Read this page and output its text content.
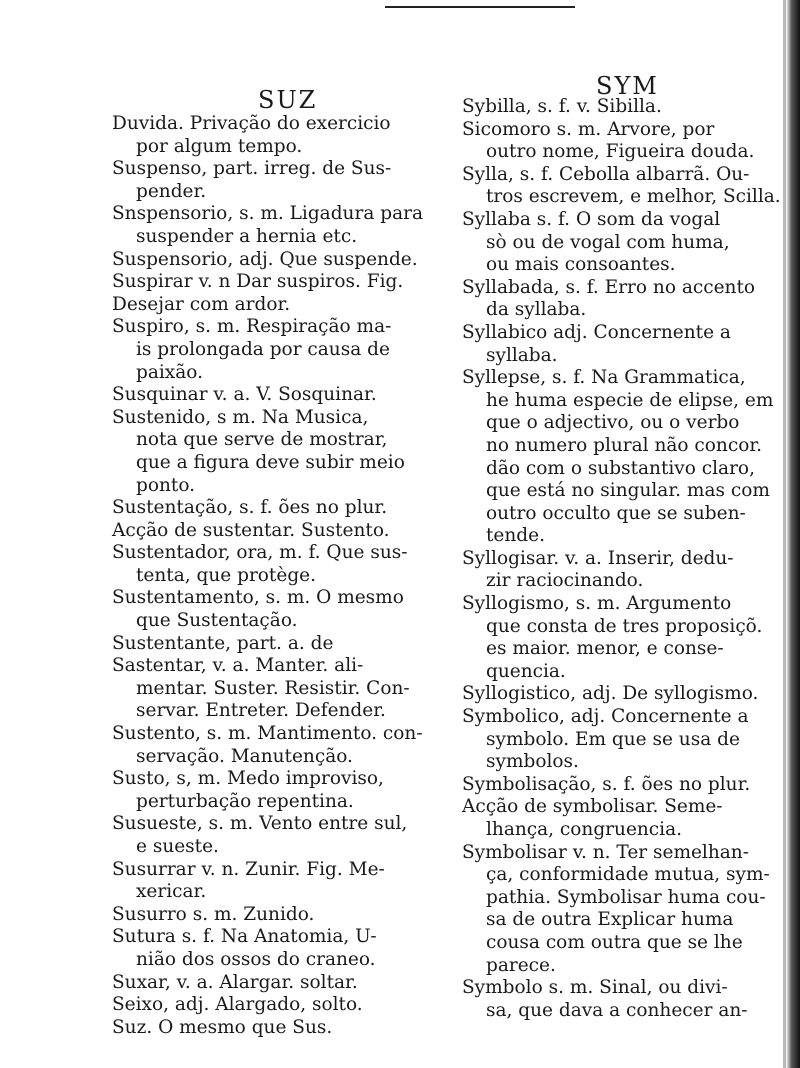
SUZ	SYM
Duvida. Privação do exercicio
por algum tempo.
Suspenso, part. irreg. de Sus-
pender.
Snspensorio, s. m. Ligadura para
suspender a hernia etc.
Suspensorio, adj. Que suspende.
Suspirar v. n Dar suspiros. Fig.
Desejar com ardor.
Suspiro, s. m. Respiração ma-
is prolongada por causa de
paixão.
Susquinar v. a. V. Sosquinar.
Sustenido, s m. Na Musica,
nota que serve de mostrar,
que a figura deve subir meio
ponto.
Sustentação, s. f. ões no plur.
Acção de sustentar. Sustento.
Sustentador, ora, m. f. Que sus-
tenta, que protège.
Sustentamento, s. m. O mesmo
que Sustentação.
Sustentante, part. a. de
Sastentar, v. a. Manter. ali-
mentar. Suster. Resistir. Con-
servar. Entreter. Defender.
Sustento, s. m. Mantimento. con-
servação. Manutenção.
Susto, s, m. Medo improviso,
perturbação repentina.
Susueste, s. m. Vento entre sul,
e sueste.
Susurrar v. n. Zunir. Fig. Me-
xericar.
Susurro s. m. Zunido.
Sutura s. f. Na Anatomia, U-
nião dos ossos do craneo.
Suxar, v. a. Alargar. soltar.
Seixo, adj. Alargado, solto.
Suz. O mesmo que Sus.
Sybilla, s. f. v. Sibilla.
Sicomoro s. m. Arvore, por
outro nome, Figueira douda.
Sylla, s. f. Cebolla albarrã. Ou-
tros escrevem, e melhor, Scilla.
Syllaba s. f. O som da vogal
sò ou de vogal com huma,
ou mais consoantes.
Syllabada, s. f. Erro no accento
da syllaba.
Syllabico adj. Concernente a
syllaba.
Syllepse, s. f. Na Grammatica,
he huma especie de elipse, em
que o adjectivo, ou o verbo
no numero plural não concor.
dão com o substantivo claro,
que está no singular. mas com
outro occulto que se suben-
tende.
Syllogisar. v. a. Inserir, dedu-
zir raciocinando.
Syllogismo, s. m. Argumento
que consta de tres proposiçõ.
es maior. menor, e conse-
quencia.
Syllogistico, adj. De syllogismo.
Symbolico, adj. Concernente a
symbolo. Em que se usa de
symbolos.
Symbolisação, s. f. ões no plur.
Acção de symbolisar. Seme-
lhança, congruencia.
Symbolisar v. n. Ter semelhan-
ça, conformidade mutua, sym-
pathia. Symbolisar huma cou-
sa de outra Explicar huma
cousa com outra que se lhe
parece.
Symbolo s. m. Sinal, ou divi-
sa, que dava a conhecer an-
